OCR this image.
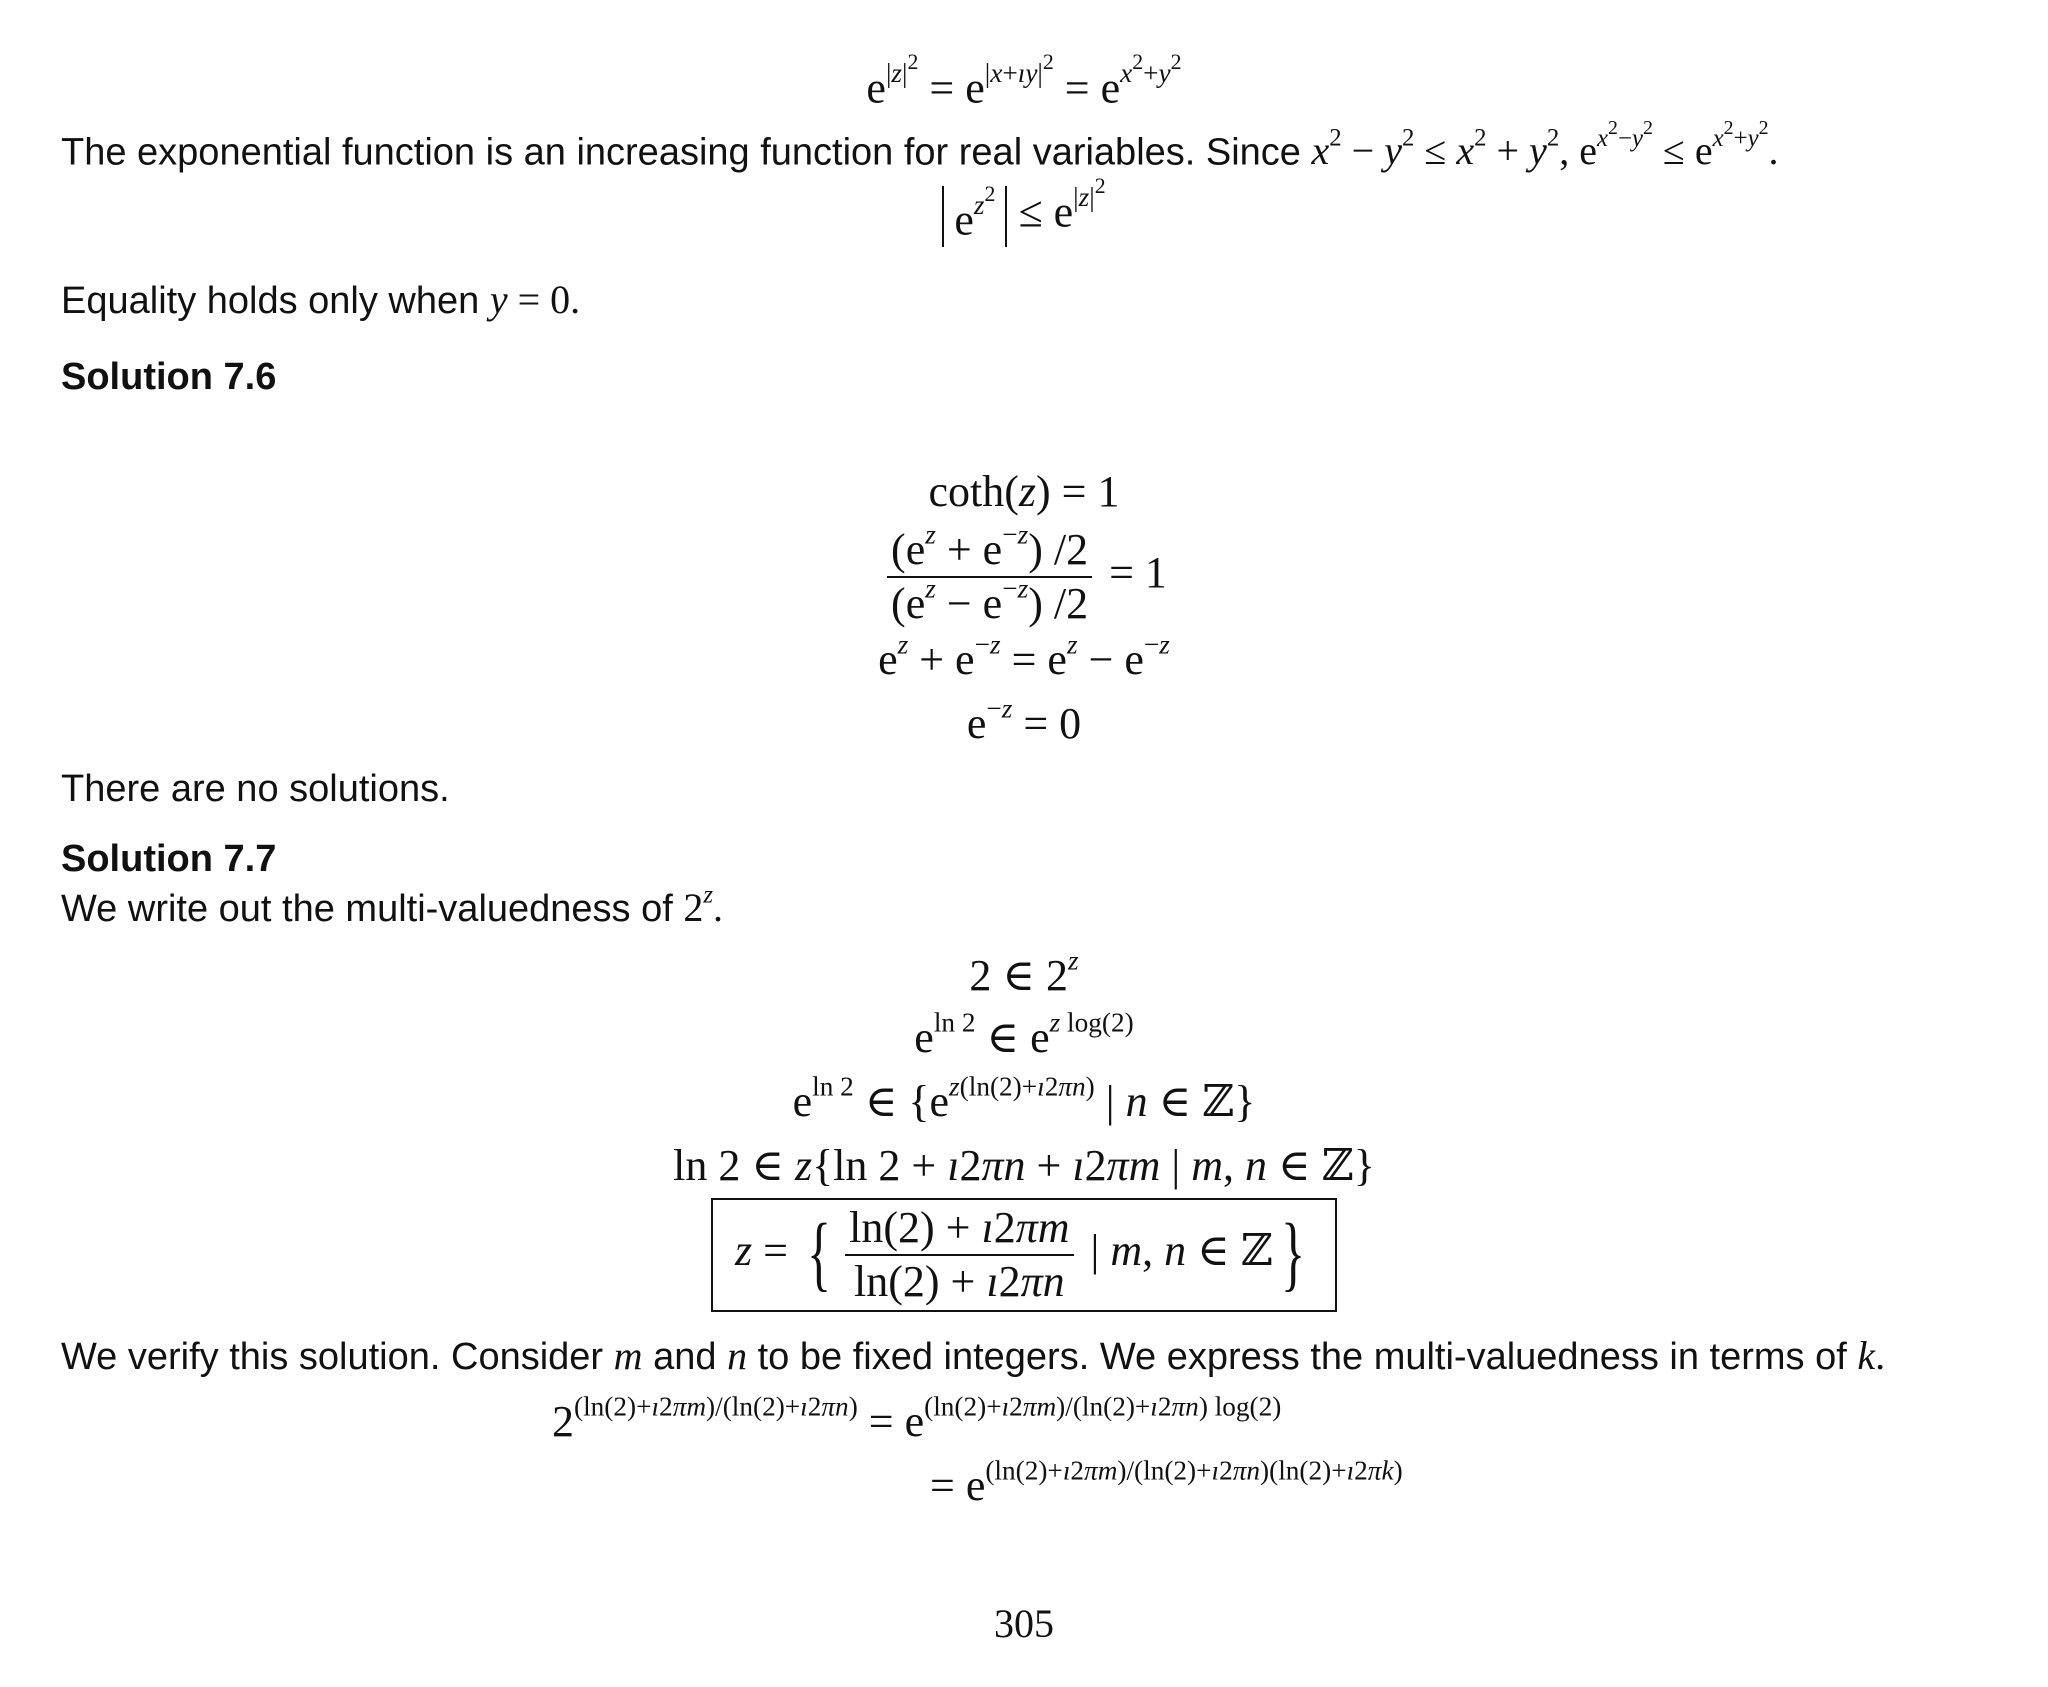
$e^{|z|^2} = e^{|x+ıy|^2} = e^{x^2+y^2}$
The exponential function is an increasing function for real variables. Since $x^2 - y^2 \le x^2 + y^2$, $e^{x^2-y^2} \le e^{x^2+y^2}$.
$e^{z^2} \le e^{|z|^2}$
Equality holds only when y = 0.
Solution 7.6
coth(z) = 1
$\frac{(e^z + e^{-z}) /2}{(e^z - e^{-z}) /2} = 1$
$e^z + e^{-z} = e^z - e^{-z}$
$e^{-z} = 0$
There are no solutions.
Solution 7.7
We write out the multi-valuedness of 2$^z$.
2 ∈ 2$^z$
$e^{ln 2}$ ∈ $e^{z log(2)}$
$e^{ln 2}$ ∈ {$e^{z(ln(2)+ı2\pi n)}$ | n ∈ ℤ}
ln 2 ∈ z{ln 2 + ı2πn + ı2πm | m, n ∈ ℤ}
z = { $\frac{\ln(2) + ı2\pi m}{\ln(2) + ı2\pi n}$ | m, n ∈ ℤ}
We verify this solution. Consider m and n to be fixed integers. We express the multi-valuedness in terms of k.
$2^{(ln(2)+ı2\pi m)/(ln(2)+ı2\pi n)} = e^{(ln(2)+ı2\pi m)/(ln(2)+ı2\pi n) log(2)}$
= $e^{(ln(2)+ı2\pi m)/(ln(2)+ı2\pi n)(ln(2)+ı2\pi k)}$
305
